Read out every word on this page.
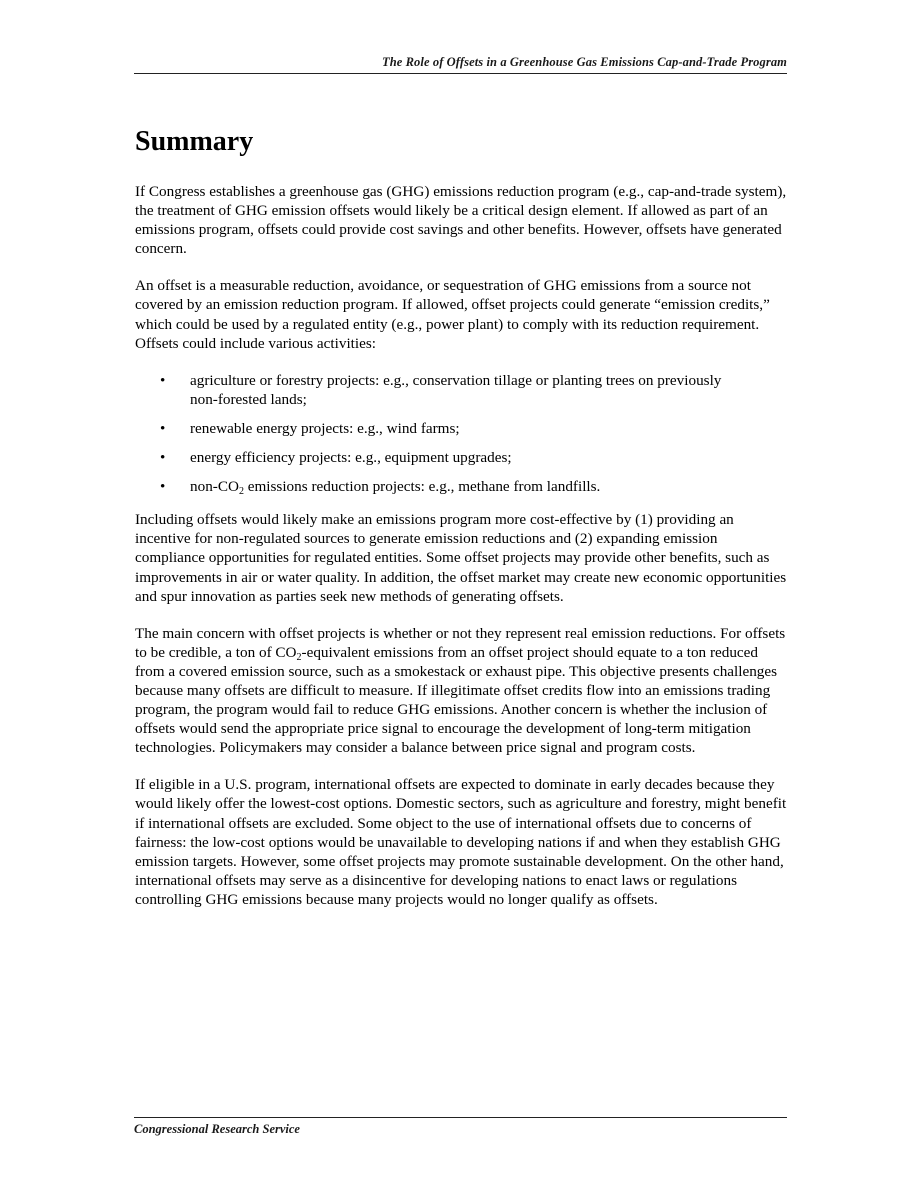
The Role of Offsets in a Greenhouse Gas Emissions Cap-and-Trade Program
Summary

If Congress establishes a greenhouse gas (GHG) emissions reduction program (e.g., cap-and-trade system), the treatment of GHG emission offsets would likely be a critical design element. If allowed as part of an emissions program, offsets could provide cost savings and other benefits. However, offsets have generated concern.

An offset is a measurable reduction, avoidance, or sequestration of GHG emissions from a source not covered by an emission reduction program. If allowed, offset projects could generate “emission credits,” which could be used by a regulated entity (e.g., power plant) to comply with its reduction requirement. Offsets could include various activities:

• agriculture or forestry projects: e.g., conservation tillage or planting trees on previously non-forested lands;
• renewable energy projects: e.g., wind farms;
• energy efficiency projects: e.g., equipment upgrades;
• non-$CO_2$ emissions reduction projects: e.g., methane from landfills.

Including offsets would likely make an emissions program more cost-effective by (1) providing an incentive for non-regulated sources to generate emission reductions and (2) expanding emission compliance opportunities for regulated entities. Some offset projects may provide other benefits, such as improvements in air or water quality. In addition, the offset market may create new economic opportunities and spur innovation as parties seek new methods of generating offsets.

The main concern with offset projects is whether or not they represent real emission reductions. For offsets to be credible, a ton of $CO_2$-equivalent emissions from an offset project should equate to a ton reduced from a covered emission source, such as a smokestack or exhaust pipe. This objective presents challenges because many offsets are difficult to measure. If illegitimate offset credits flow into an emissions trading program, the program would fail to reduce GHG emissions. Another concern is whether the inclusion of offsets would send the appropriate price signal to encourage the development of long-term mitigation technologies. Policymakers may consider a balance between price signal and program costs.

If eligible in a U.S. program, international offsets are expected to dominate in early decades because they would likely offer the lowest-cost options. Domestic sectors, such as agriculture and forestry, might benefit if international offsets are excluded. Some object to the use of international offsets due to concerns of fairness: the low-cost options would be unavailable to developing nations if and when they establish GHG emission targets. However, some offset projects may promote sustainable development. On the other hand, international offsets may serve as a disincentive for developing nations to enact laws or regulations controlling GHG emissions because many projects would no longer qualify as offsets.

Congressional Research Service
